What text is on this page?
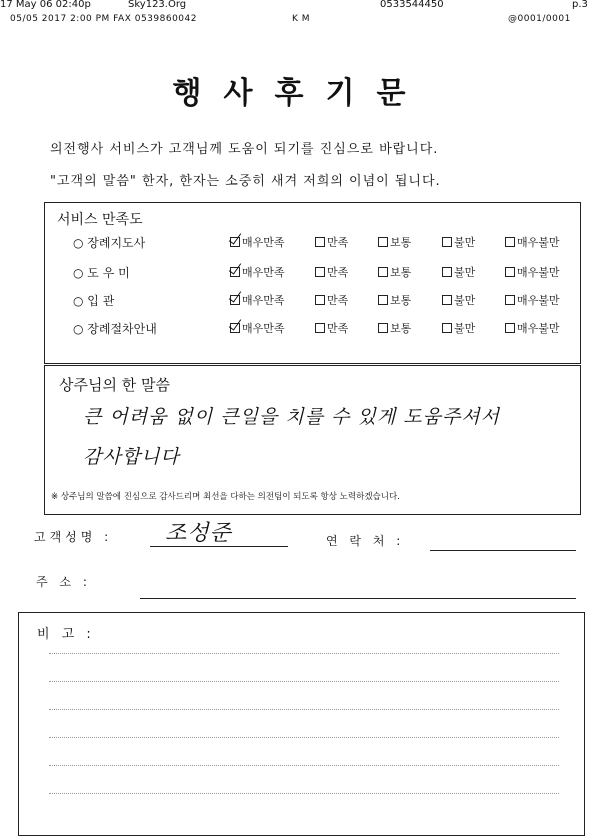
17 May 06 02:40p	Sky123.Org	0533544450	p.3
05/05 2017 2:00 PM FAX 0539860042	K M	@0001/0001
행사후기문
의전행사 서비스가 고객님께 도움이 되기를 진심으로 바랍니다.
"고객의 말씀" 한자, 한자는 소중히 새겨 저희의 이념이 됩니다.
서비스 만족도
○ 장례지도사	매우만족	만족	보통	불만	매우불만
○ 도 우 미	매우만족	만족	보통	불만	매우불만
○ 입 관	매우만족	만족	보통	불만	매우불만
○ 장례절차안내	매우만족	만족	보통	불만	매우불만
상주님의 한 말씀
큰 어려움 없이 큰일을 치를 수 있게 도움주셔서
감사합니다
※ 상주님의 말씀에 진심으로 감사드리며 최선을 다하는 의전팀이 되도록 항상 노력하겠습니다.
고객성명 : 조성준	연 락 처 :
주 소 :
비 고 :
